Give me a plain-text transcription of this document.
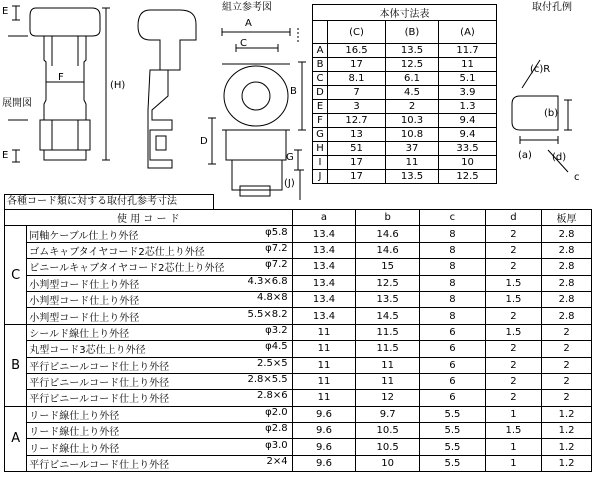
組立参考図	取付孔例
展開図
E
E
F
(H)
A
C
B
D
G
(J)
(c)R
(b)
(a) (d)
c
本体寸法表			
	(C)	(B)	(A)
A	16.5	13.5	11.7
B	17	12.5	11
C	8.1	6.1	5.1
D	7	4.5	3.9
E	3	2	1.3
F	12.7	10.3	9.4
G	13	10.8	9.4
H	51	37	33.5
I	17	11	10
J	17	13.5	12.5
各種コード類に対する取付孔参考寸法
使 用 コ ー ド		a	b	c	d	板厚
C	同軸ケーブル仕上り外径 φ5.8	13.4	14.6	8	2	2.8

	ゴムキャブタイヤコード2芯仕上り外径 φ7.2	13.4	14.6	8	2	2.8

	ビニールキャブタイヤコード2芯仕上り外径 φ7.2	13.4	15	8	2	2.8

	小判型コード仕上り外径 4.3×6.8	13.4	12.5	8	1.5	2.8

	小判型コード仕上り外径 4.8×8	13.4	13.5	8	1.5	2.8

	小判型コード仕上り外径 5.5×8.2	13.4	14.5	8	2	2.8
B	シールド線仕上り外径 φ3.2	11	11.5	6	1.5	2

	丸型コード3芯仕上り外径 φ4.5	11	11.5	6	2	2

	平行ビニールコード仕上り外径 2.5×5	11	11	6	2	2

	平行ビニールコード仕上り外径 2.8×5.5	11	11	6	2	2

	平行ビニールコード仕上り外径 2.8×6	11	12	6	2	2
A	リード線仕上り外径 φ2.0	9.6	9.7	5.5	1	1.2

	リード線仕上り外径 φ2.8	9.6	10.5	5.5	1.5	1.2

	リード線仕上り外径 φ3.0	9.6	10.5	5.5	1	1.2

	平行ビニールコード仕上り外径 2×4	9.6	10	5.5	1	1.2
